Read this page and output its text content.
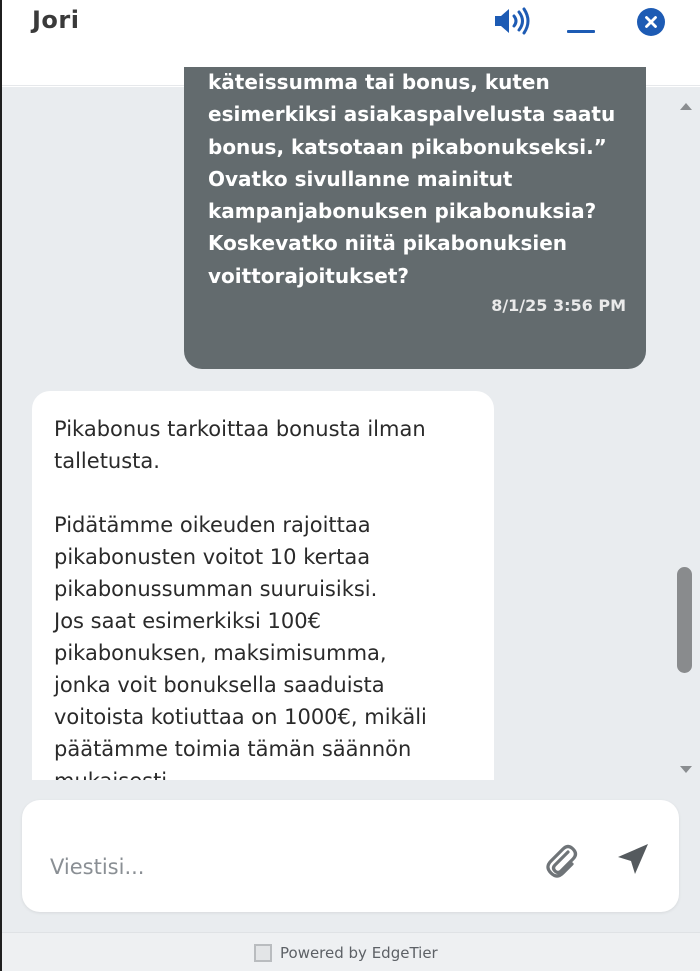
Jori
käteissumma tai bonus, kuten
esimerkiksi asiakaspalvelusta saatu
bonus, katsotaan pikabonukseksi.”
Ovatko sivullanne mainitut
kampanjabonuksen pikabonuksia?
Koskevatko niitä pikabonuksien
voittorajoitukset?
8/1/25 3:56 PM
Pikabonus tarkoittaa bonusta ilman
talletusta.

Pidätämme oikeuden rajoittaa
pikabonusten voitot 10 kertaa
pikabonussumman suuruisiksi.
Jos saat esimerkiksi 100€
pikabonuksen, maksimisumma,
jonka voit bonuksella saaduista
voitoista kotiuttaa on 1000€, mikäli
päätämme toimia tämän säännön

Viestisi...
Powered by EdgeTier
